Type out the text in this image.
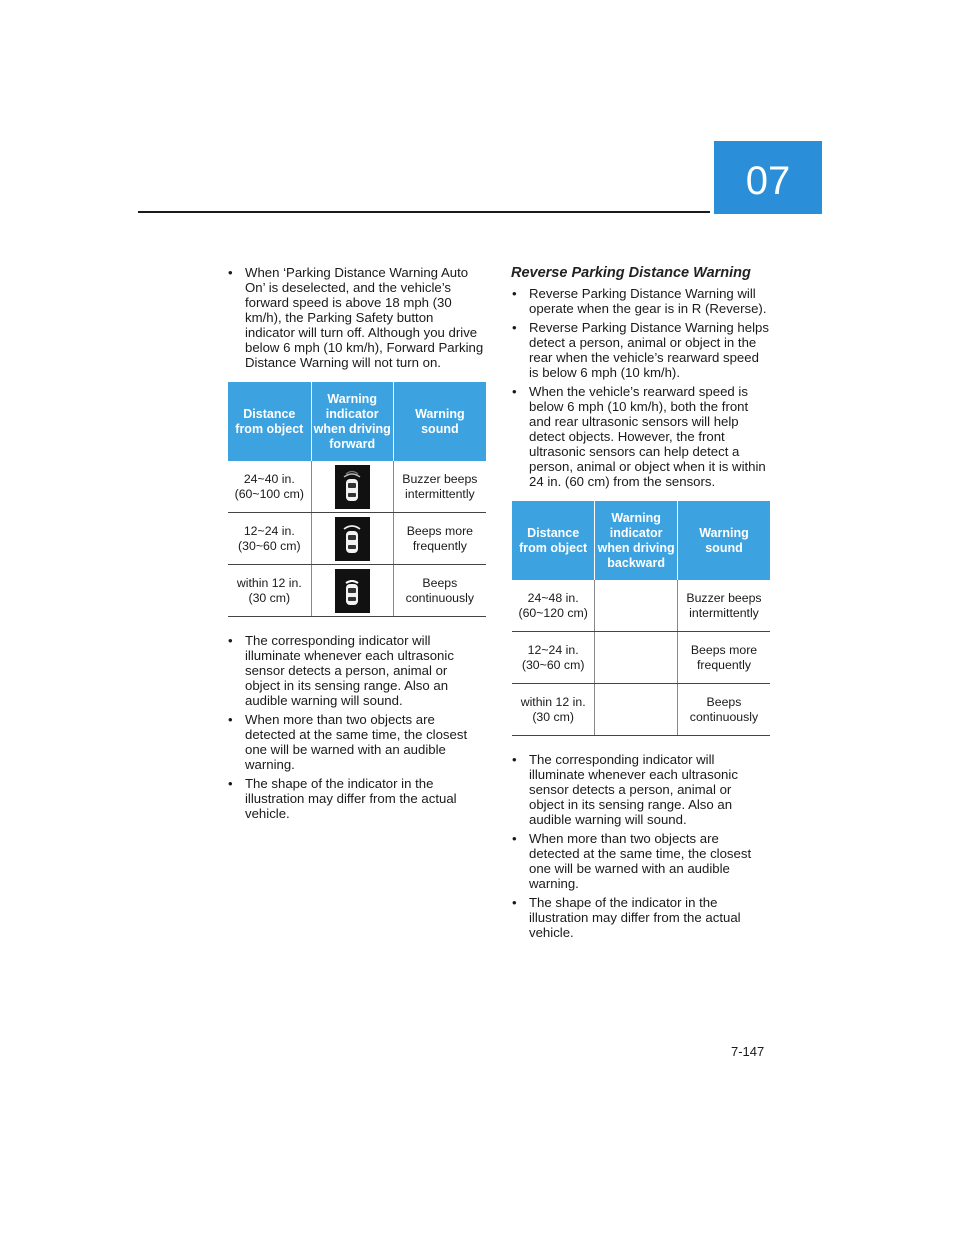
07
• When ‘Parking Distance Warning Auto On’ is deselected, and the vehicle’s forward speed is above 18 mph (30 km/h), the Parking Safety button indicator will turn off. Although you drive below 6 mph (10 km/h), Forward Parking Distance Warning will not turn on.
Distance from object	Warning indicator when driving forward	Warning sound
24~40 in. (60~100 cm)		Buzzer beeps intermittently
12~24 in. (30~60 cm)		Beeps more frequently
within 12 in. (30 cm)		Beeps continuously
• The corresponding indicator will illuminate whenever each ultrasonic sensor detects a person, animal or object in its sensing range. Also an audible warning will sound.
• When more than two objects are detected at the same time, the closest one will be warned with an audible warning.
• The shape of the indicator in the illustration may differ from the actual vehicle.
Reverse Parking Distance Warning
• Reverse Parking Distance Warning will operate when the gear is in R (Reverse).
• Reverse Parking Distance Warning helps detect a person, animal or object in the rear when the vehicle’s rearward speed is below 6 mph (10 km/h).
• When the vehicle’s rearward speed is below 6 mph (10 km/h), both the front and rear ultrasonic sensors will help detect objects. However, the front ultrasonic sensors can help detect a person, animal or object when it is within 24 in. (60 cm) from the sensors.
Distance from object	Warning indicator when driving backward	Warning sound
24~48 in. (60~120 cm)		Buzzer beeps intermittently
12~24 in. (30~60 cm)		Beeps more frequently
within 12 in. (30 cm)		Beeps continuously
• The corresponding indicator will illuminate whenever each ultrasonic sensor detects a person, animal or object in its sensing range. Also an audible warning will sound.
• When more than two objects are detected at the same time, the closest one will be warned with an audible warning.
• The shape of the indicator in the illustration may differ from the actual vehicle.
7-147
